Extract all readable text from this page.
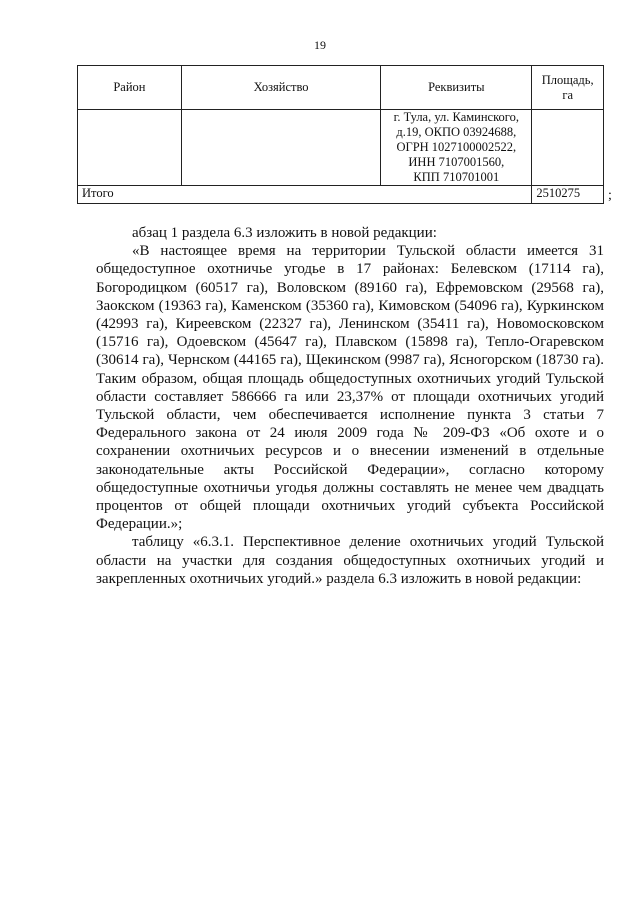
19
Район	Хозяйство	Реквизиты	Площадь, га

		г. Тула, ул. Каминского,
д.19, ОКПО 03924688,
ОГРН 1027100002522,
ИНН 7107001560,
КПП 710701001	

Итого			2510275 ;

абзац 1 раздела 6.3 изложить в новой редакции:

«В настоящее время на территории Тульской области имеется 31 общедоступное охотничье угодье в 17 районах: Белевском (17114 га), Богородицком (60517 га), Воловском (89160 га), Ефремовском (29568 га), Заокском (19363 га), Каменском (35360 га), Кимовском (54096 га), Куркинском (42993 га), Киреевском (22327 га), Ленинском (35411 га), Новомосковском (15716 га), Одоевском (45647 га), Плавском (15898 га), Тепло-Огаревском (30614 га), Чернском (44165 га), Щекинском (9987 га), Ясногорском (18730 га). Таким образом, общая площадь общедоступных охотничьих угодий Тульской области составляет 586666 га или 23,37% от площади охотничьих угодий Тульской области, чем обеспечивается исполнение пункта 3 статьи 7 Федерального закона от 24 июля 2009 года № 209-ФЗ «Об охоте и о сохранении охотничьих ресурсов и о внесении изменений в отдельные законодательные акты Российской Федерации», согласно которому общедоступные охотничьи угодья должны составлять не менее чем двадцать процентов от общей площади охотничьих угодий субъекта Российской Федерации.»;

таблицу «6.3.1. Перспективное деление охотничьих угодий Тульской области на участки для создания общедоступных охотничьих угодий и закрепленных охотничьих угодий.» раздела 6.3 изложить в новой редакции:
